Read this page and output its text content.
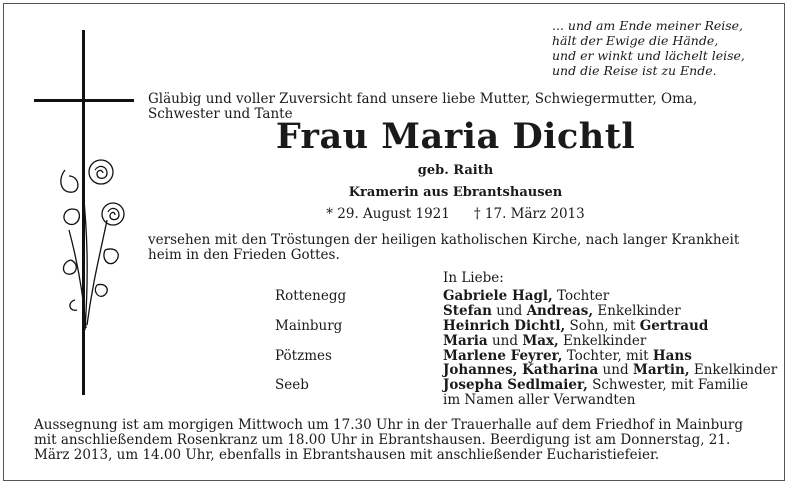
... und am Ende meiner Reise,
hält der Ewige die Hände,
und er winkt und lächelt leise,
und die Reise ist zu Ende.
Gläubig und voller Zuversicht fand unsere liebe Mutter, Schwiegermutter, Oma, Schwester und Tante
Frau Maria Dichtl
geb. Raith
Kramerin aus Ebrantshausen
* 29. August 1921 † 17. März 2013
versehen mit den Tröstungen der heiligen katholischen Kirche, nach langer Krankheit heim in den Frieden Gottes.
In Liebe:
Rottenegg
Mainburg
Pötzmes
Seeb
Gabriele Hagl, Tochter
Stefan und Andreas, Enkelkinder
Heinrich Dichtl, Sohn, mit Gertraud
Maria und Max, Enkelkinder
Marlene Feyrer, Tochter, mit Hans
Johannes, Katharina und Martin, Enkelkinder
Josepha Sedlmaier, Schwester, mit Familie
im Namen aller Verwandten
Aussegnung ist am morgigen Mittwoch um 17.30 Uhr in der Trauerhalle auf dem Friedhof in Mainburg mit anschließendem Rosenkranz um 18.00 Uhr in Ebrantshausen. Beerdigung ist am Donnerstag, 21. März 2013, um 14.00 Uhr, ebenfalls in Ebrantshausen mit anschließender Eucharistiefeier.
